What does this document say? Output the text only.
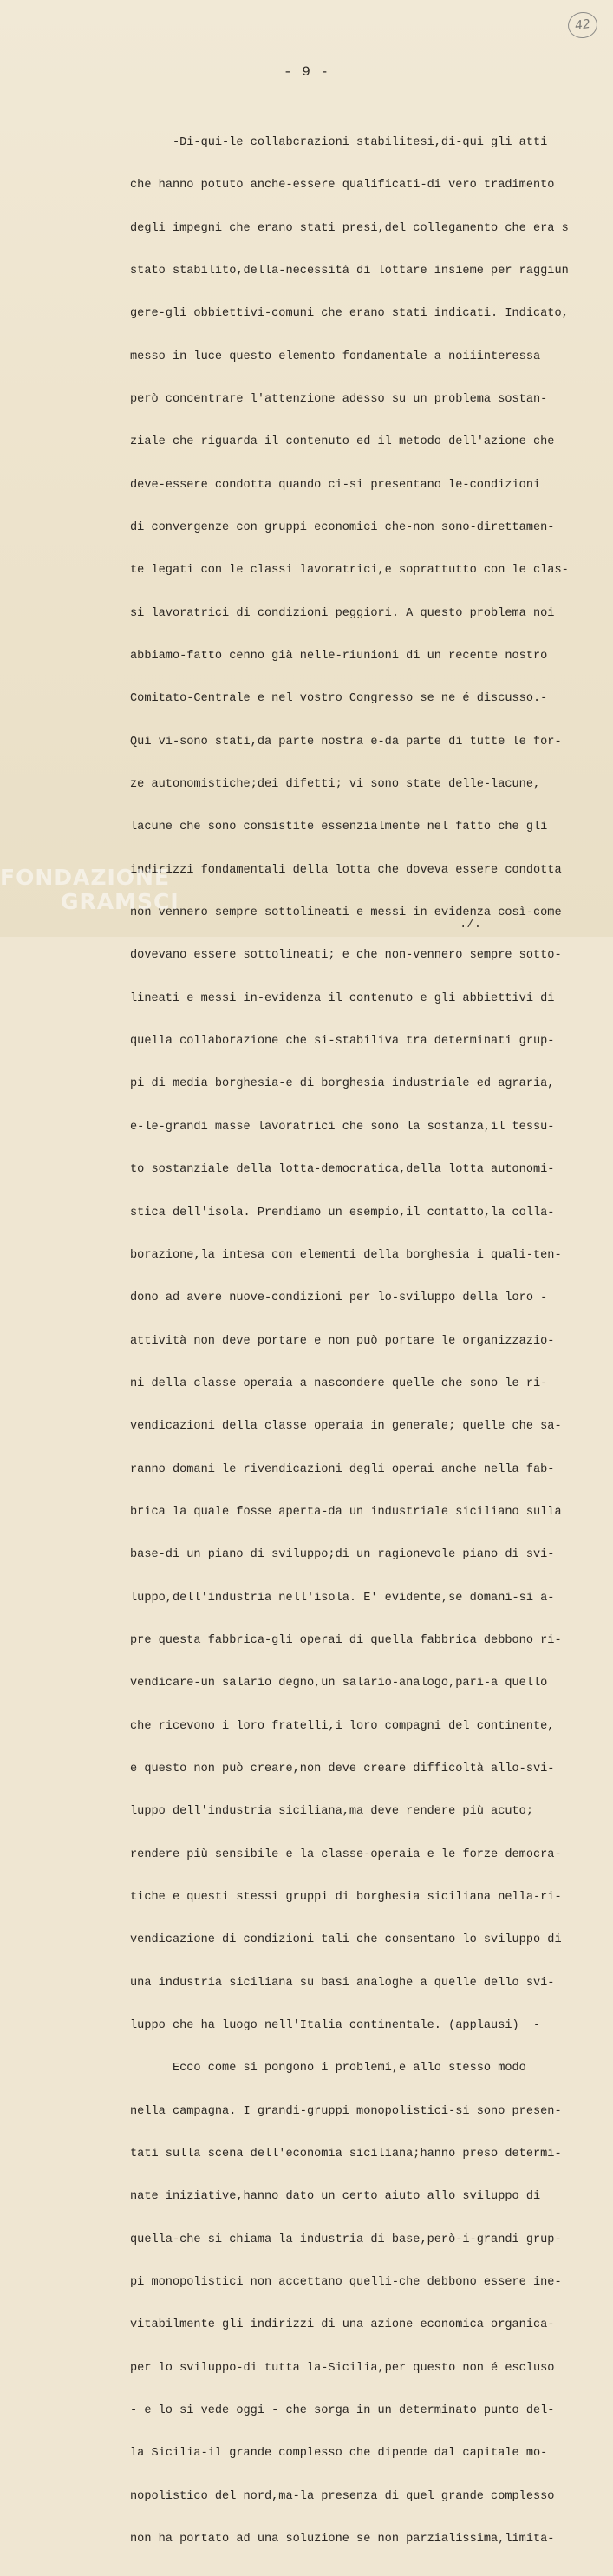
42
- 9 -

-Di-qui-le collabcrazioni stabilitesi,di-qui gli atti

che hanno potuto anche-essere qualificati-di vero tradimento

degli impegni che erano stati presi,del collegamento che era s

stato stabilito,della-necessità di lottare insieme per raggiun

gere-gli obbiettivi-comuni che erano stati indicati. Indicato,

messo in luce questo elemento fondamentale a noiiinteressa

però concentrare l'attenzione adesso su un problema sostan-

ziale che riguarda il contenuto ed il metodo dell'azione che

deve-essere condotta quando ci-si presentano le-condizioni

di convergenze con gruppi economici che-non sono-direttamen-

te legati con le classi lavoratrici,e soprattutto con le clas-

si lavoratrici di condizioni peggiori. A questo problema noi

abbiamo-fatto cenno già nelle-riunioni di un recente nostro

Comitato-Centrale e nel vostro Congresso se ne é discusso.-

Qui vi-sono stati,da parte nostra e-da parte di tutte le for-

ze autonomistiche;dei difetti; vi sono state delle-lacune,

lacune che sono consistite essenzialmente nel fatto che gli

indirizzi fondamentali della lotta che doveva essere condotta

non vennero sempre sottolineati e messi in evidenza così-come

dovevano essere sottolineati; e che non-vennero sempre sotto-

lineati e messi in-evidenza il contenuto e gli abbiettivi di

quella collaborazione che si-stabiliva tra determinati grup-

pi di media borghesia-e di borghesia industriale ed agraria,

e-le-grandi masse lavoratrici che sono la sostanza,il tessu-

to sostanziale della lotta-democratica,della lotta autonomi-

stica dell'isola. Prendiamo un esempio,il contatto,la colla-

borazione,la intesa con elementi della borghesia i quali-ten-

dono ad avere nuove-condizioni per lo-sviluppo della loro -

attività non deve portare e non può portare le organizzazio-

ni della classe operaia a nascondere quelle che sono le ri-

vendicazioni della classe operaia in generale; quelle che sa-

ranno domani le rivendicazioni degli operai anche nella fab-

brica la quale fosse aperta-da un industriale siciliano sulla

base-di un piano di sviluppo;di un ragionevole piano di svi-

luppo,dell'industria nell'isola. E' evidente,se domani-si a-

pre questa fabbrica-gli operai di quella fabbrica debbono ri-

vendicare-un salario degno,un salario-analogo,pari-a quello

che ricevono i loro fratelli,i loro compagni del continente,

e questo non può creare,non deve creare difficoltà allo-svi-

luppo dell'industria siciliana,ma deve rendere più acuto;

rendere più sensibile e la classe-operaia e le forze democra-

tiche e questi stessi gruppi di borghesia siciliana nella-ri-

vendicazione di condizioni tali che consentano lo sviluppo di

una industria siciliana su basi analoghe a quelle dello svi-

luppo che ha luogo nell'Italia continentale. (applausi)  -

Ecco come si pongono i problemi,e allo stesso modo

nella campagna. I grandi-gruppi monopolistici-si sono presen-

tati sulla scena dell'economia siciliana;hanno preso determi-

nate iniziative,hanno dato un certo aiuto allo sviluppo di

quella-che si chiama la industria di base,però-i-grandi grup-

pi monopolistici non accettano quelli-che debbono essere ine-

vitabilmente gli indirizzi di una azione economica organica-

per lo sviluppo-di tutta la-Sicilia,per questo non é escluso

- e lo si vede oggi - che sorga in un determinato punto del-

la Sicilia-il grande complesso che dipende dal capitale mo-

nopolistico del nord,ma-la presenza di quel grande complesso

non ha portato ad una soluzione se non parzialissima,limita-

FONDAZIONE
GRAMSCI
./.
